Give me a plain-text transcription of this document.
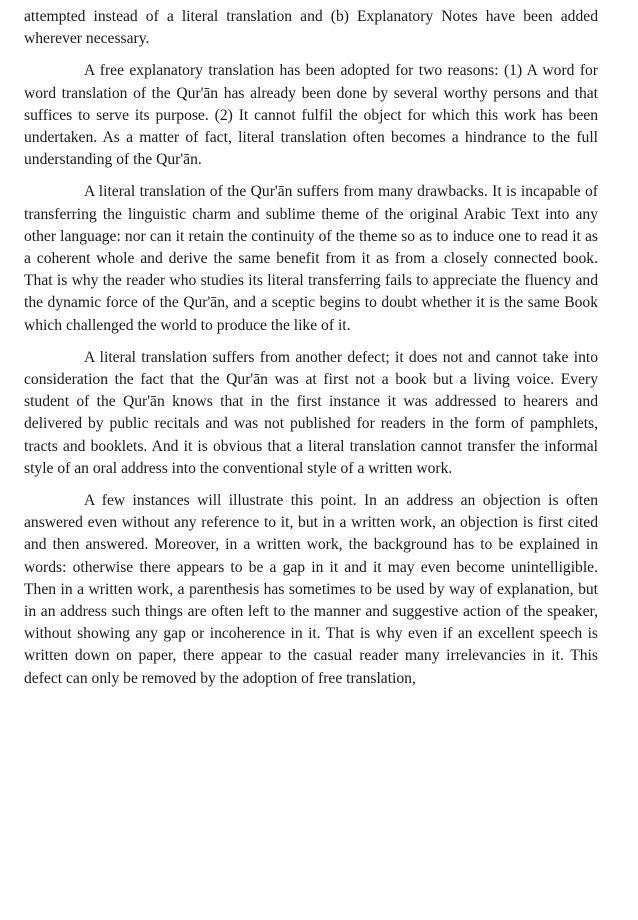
attempted instead of a literal translation and (b) Explanatory Notes have been added wherever necessary.

A free explanatory translation has been adopted for two reasons: (1) A word for word translation of the Qur'ān has already been done by several worthy persons and that suffices to serve its purpose. (2) It cannot fulfil the object for which this work has been undertaken. As a matter of fact, literal translation often becomes a hindrance to the full understanding of the Qur'ān.

A literal translation of the Qur'ān suffers from many drawbacks. It is incapable of transferring the linguistic charm and sublime theme of the original Arabic Text into any other language: nor can it retain the continuity of the theme so as to induce one to read it as a coherent whole and derive the same benefit from it as from a closely connected book. That is why the reader who studies its literal transferring fails to appreciate the fluency and the dynamic force of the Qur'ān, and a sceptic begins to doubt whether it is the same Book which challenged the world to produce the like of it.

A literal translation suffers from another defect; it does not and cannot take into consideration the fact that the Qur'ān was at first not a book but a living voice. Every student of the Qur'ān knows that in the first instance it was addressed to hearers and delivered by public recitals and was not published for readers in the form of pamphlets, tracts and booklets. And it is obvious that a literal translation cannot transfer the informal style of an oral address into the conventional style of a written work.

A few instances will illustrate this point. In an address an objection is often answered even without any reference to it, but in a written work, an objection is first cited and then answered. Moreover, in a written work, the background has to be explained in words: otherwise there appears to be a gap in it and it may even become unintelligible. Then in a written work, a parenthesis has sometimes to be used by way of explanation, but in an address such things are often left to the manner and suggestive action of the speaker, without showing any gap or incoherence in it. That is why even if an excellent speech is written down on paper, there appear to the casual reader many irrelevancies in it. This defect can only be removed by the adoption of free translation,
